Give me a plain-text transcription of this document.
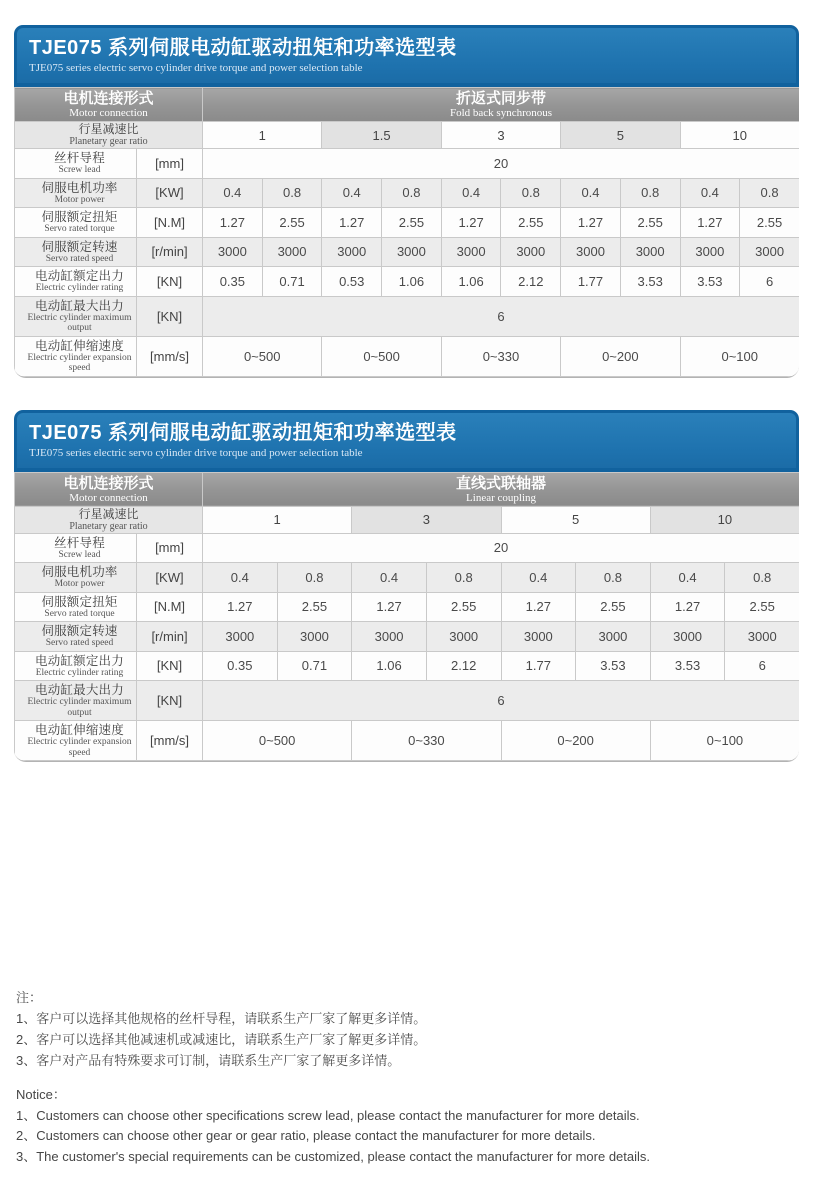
TJE075 系列伺服电动缸驱动扭矩和功率选型表
TJE075 series electric servo cylinder drive torque and power selection table
电机连接形式
Motor connection

折返式同步带
Fold back synchronous

行星减速比
Planetary gear ratio		1		1.5		3		5		10	

丝杆导程
Screw lead	[mm]	20									

伺服电机功率
Motor power	[KW]	0.4	0.8	0.4	0.8	0.4	0.8	0.4	0.8	0.4	0.8

伺服额定扭矩
Servo rated torque	[N.M]	1.27	2.55	1.27	2.55	1.27	2.55	1.27	2.55	1.27	2.55

伺服额定转速
Servo rated speed	[r/min]	3000	3000	3000	3000	3000	3000	3000	3000	3000	3000

电动缸额定出力
Electric cylinder rating	[KN]	0.35	0.71	0.53	1.06	1.06	2.12	1.77	3.53	3.53	6

电动缸最大出力
Electric cylinder maximum output	[KN]	6									

电动缸伸缩速度
Electric cylinder expansion speed	[mm/s]	0~500		0~500		0~330		0~200		0~100	
TJE075 系列伺服电动缸驱动扭矩和功率选型表
TJE075 series electric servo cylinder drive torque and power selection table
电机连接形式
Motor connection

直线式联轴器
Linear coupling

行星减速比
Planetary gear ratio		1		3		5		10	

丝杆导程
Screw lead	[mm]	20							

伺服电机功率
Motor power	[KW]	0.4	0.8	0.4	0.8	0.4	0.8	0.4	0.8

伺服额定扭矩
Servo rated torque	[N.M]	1.27	2.55	1.27	2.55	1.27	2.55	1.27	2.55

伺服额定转速
Servo rated speed	[r/min]	3000	3000	3000	3000	3000	3000	3000	3000

电动缸额定出力
Electric cylinder rating	[KN]	0.35	0.71	1.06	2.12	1.77	3.53	3.53	6

电动缸最大出力
Electric cylinder maximum output	[KN]	6							

电动缸伸缩速度
Electric cylinder expansion speed	[mm/s]	0~500		0~330		0~200		0~100	
注：
1、客户可以选择其他规格的丝杆导程，请联系生产厂家了解更多详情。
2、客户可以选择其他减速机或减速比，请联系生产厂家了解更多详情。
3、客户对产品有特殊要求可订制，请联系生产厂家了解更多详情。
Notice：
1、Customers can choose other specifications screw lead, please contact the manufacturer for more details.
2、Customers can choose other gear or gear ratio, please contact the manufacturer for more details.
3、The customer's special requirements can be customized, please contact the manufacturer for more details.
